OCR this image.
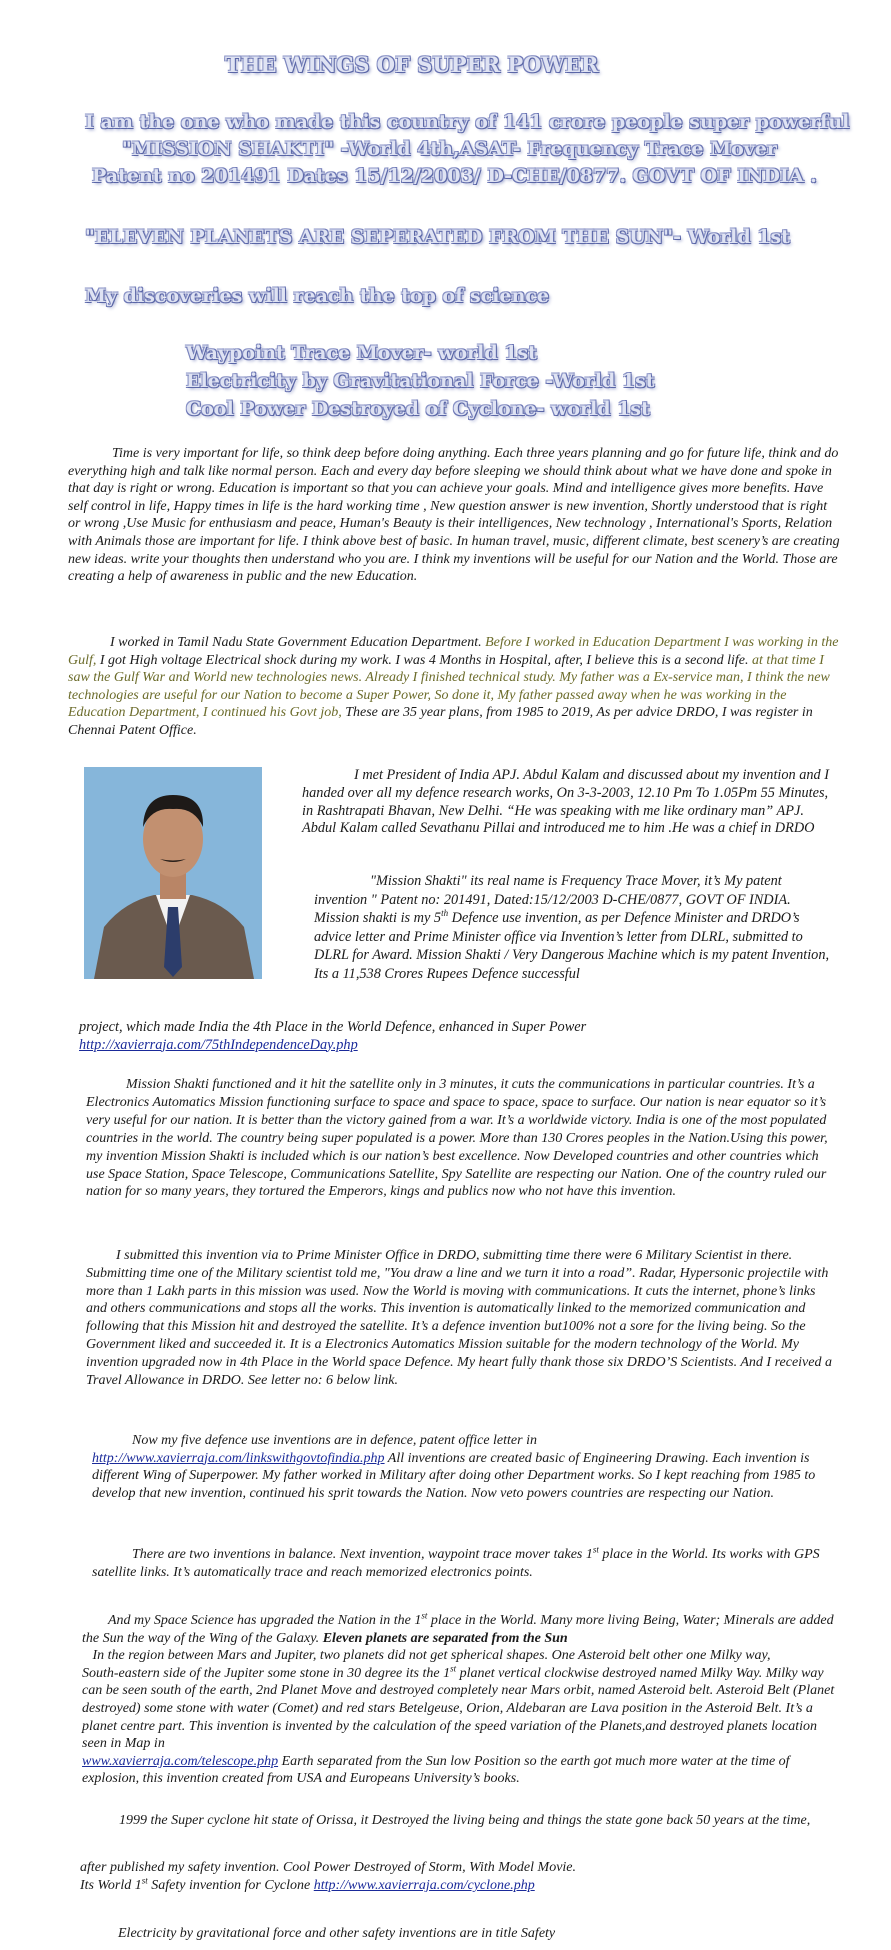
THE WINGS OF SUPER POWER
I am the one who made this country of 141 crore people super powerful
"MISSION SHAKTI" -World 4th,ASAT- Frequency Trace Mover
Patent no 201491 Dates 15/12/2003/ D-CHE/0877. GOVT OF INDIA .
"ELEVEN PLANETS ARE SEPERATED FROM THE SUN"- World 1st
My discoveries will reach the top of science
Waypoint Trace Mover- world 1st
Electricity by Gravitational Force -World 1st
Cool Power Destroyed of Cyclone- world 1st

Time is very important for life, so think deep before doing anything. Each three years planning and go for future life, think and do everything high and talk like normal person. Each and every day before sleeping we should think about what we have done and spoke in that day is right or wrong. Education is important so that you can achieve your goals. Mind and intelligence gives more benefits. Have self control in life, Happy times in life is the hard working time , New question answer is new invention, Shortly understood that is right or wrong ,Use Music for enthusiasm and peace, Human's Beauty is their intelligences, New technology , International's Sports, Relation with Animals those are important for life. I think above best of basic. In human travel, music, different climate, best scenery’s are creating new ideas. write your thoughts then understand who you are. I think my inventions will be useful for our Nation and the World. Those are creating a help of awareness in public and the new Education.

I worked in Tamil Nadu State Government Education Department. Before I worked in Education Department I was working in the Gulf, I got High voltage Electrical shock during my work. I was 4 Months in Hospital, after, I believe this is a second life. at that time I saw the Gulf War and World new technologies news. Already I finished technical study. My father was a Ex-service man, I think the new technologies are useful for our Nation to become a Super Power, So done it, My father passed away when he was working in the Education Department, I continued his Govt job, These are 35 year plans, from 1985 to 2019, As per advice DRDO, I was register in Chennai Patent Office.

I met President of India APJ. Abdul Kalam and discussed about my invention and I handed over all my defence research works, On 3-3-2003, 12.10 Pm To 1.05Pm 55 Minutes, in Rashtrapati Bhavan, New Delhi. “He was speaking with me like ordinary man” APJ. Abdul Kalam called Sevathanu Pillai and introduced me to him .He was a chief in DRDO

"Mission Shakti" its real name is Frequency Trace Mover, it’s My patent invention " Patent no: 201491, Dated:15/12/2003 D-CHE/0877, GOVT OF INDIA. Mission shakti is my 5th Defence use invention, as per Defence Minister and DRDO’s advice letter and Prime Minister office via Invention’s letter from DLRL, submitted to DLRL for Award. Mission Shakti / Very Dangerous Machine which is my patent Invention, Its a 11,538 Crores Rupees Defence successful

project, which made India the 4th Place in the World Defence, enhanced in Super Power
http://xavierraja.com/75thIndependenceDay.php

Mission Shakti functioned and it hit the satellite only in 3 minutes, it cuts the communications in particular countries. It’s a Electronics Automatics Mission functioning surface to space and space to space, space to surface. Our nation is near equator so it’s very useful for our nation. It is better than the victory gained from a war. It’s a worldwide victory. India is one of the most populated countries in the world. The country being super populated is a power. More than 130 Crores peoples in the Nation.Using this power, my invention Mission Shakti is included which is our nation’s best excellence. Now Developed countries and other countries which use Space Station, Space Telescope, Communications Satellite, Spy Satellite are respecting our Nation. One of the country ruled our nation for so many years, they tortured the Emperors, kings and publics now who not have this invention.

I submitted this invention via to Prime Minister Office in DRDO, submitting time there were 6 Military Scientist in there. Submitting time one of the Military scientist told me, "You draw a line and we turn it into a road”. Radar, Hypersonic projectile with more than 1 Lakh parts in this mission was used. Now the World is moving with communications. It cuts the internet, phone’s links and others communications and stops all the works. This invention is automatically linked to the memorized communication and following that this Mission hit and destroyed the satellite. It’s a defence invention but100% not a sore for the living being. So the Government liked and succeeded it. It is a Electronics Automatics Mission suitable for the modern technology of the World. My invention upgraded now in 4th Place in the World space Defence. My heart fully thank those six DRDO’S Scientists. And I received a Travel Allowance in DRDO. See letter no: 6 below link.

Now my five defence use inventions are in defence, patent office letter in
http://www.xavierraja.com/linkswithgovtofindia.php All inventions are created basic of Engineering Drawing. Each invention is different Wing of Superpower. My father worked in Military after doing other Department works. So I kept reaching from 1985 to develop that new invention, continued his sprit towards the Nation. Now veto powers countries are respecting our Nation.

There are two inventions in balance. Next invention, waypoint trace mover takes 1st place in the World. Its works with GPS satellite links. It’s automatically trace and reach memorized electronics points.

And my Space Science has upgraded the Nation in the 1st place in the World. Many more living Being, Water; Minerals are added the Sun the way of the Wing of the Galaxy. Eleven planets are separated from the Sun
In the region between Mars and Jupiter, two planets did not get spherical shapes. One Asteroid belt other one Milky way,
South-eastern side of the Jupiter some stone in 30 degree its the 1st planet vertical clockwise destroyed named Milky Way. Milky way can be seen south of the earth, 2nd Planet Move and destroyed completely near Mars orbit, named Asteroid belt. Asteroid Belt (Planet destroyed) some stone with water (Comet) and red stars Betelgeuse, Orion, Aldebaran are Lava position in the Asteroid Belt. It’s a planet centre part. This invention is invented by the calculation of the speed variation of the Planets,and destroyed planets location seen in Map in
www.xavierraja.com/telescope.php Earth separated from the Sun low Position so the earth got much more water at the time of explosion, this invention created from USA and Europeans University’s books.

1999 the Super cyclone hit state of Orissa, it Destroyed the living being and things the state gone back 50 years at the time,

after published my safety invention. Cool Power Destroyed of Storm, With Model Movie.
Its World 1st Safety invention for Cyclone http://www.xavierraja.com/cyclone.php

Electricity by gravitational force and other safety inventions are in title Safety
